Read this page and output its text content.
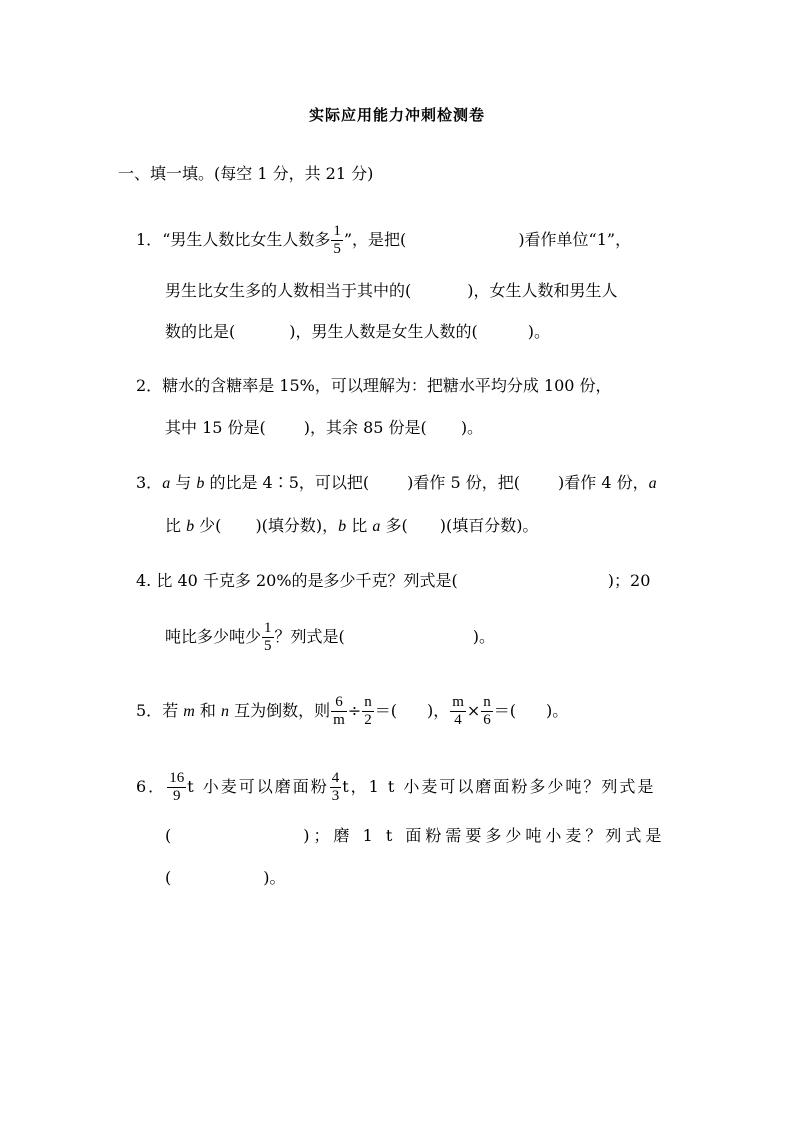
实际应用能力冲刺检测卷
一、填一填。(每空 1 分，共 21 分)
1．“男生人数比女生人数多 $\frac{1}{5}$ ”，是把(	)看作单位“1”，
男生比女生多的人数相当于其中的(	)，女生人数和男生人
数的比是(	)，男生人数是女生人数的(	)。
2．糖水的含糖率是 15%，可以理解为：把糖水平均分成 100 份，
其中 15 份是( )，其余 85 份是( )。
3．a 与 b 的比是 4∶5，可以把( )看作 5 份，把( )看作 4 份，a
比 b 少( )(填分数)，b 比 a 多( )(填百分数)。
4. 比 40 千克多 20%的是多少千克？列式是(	)；20
吨比多少吨少 $\frac{1}{5}$ ？列式是(	)。
5．若 m 和 n 互为倒数，则 $\frac{6}{m} \div \frac{n}{2}$ ＝( )， $\frac{m}{4} \times \frac{n}{6}$ ＝( )。
6． $\frac{16}{9}$ t 小麦可以磨面粉 $\frac{4}{3}$ t，1 t 小麦可以磨面粉多少吨？列式是
(	)；磨 1 t 面粉需要多少吨小麦？列式是
(	)。
